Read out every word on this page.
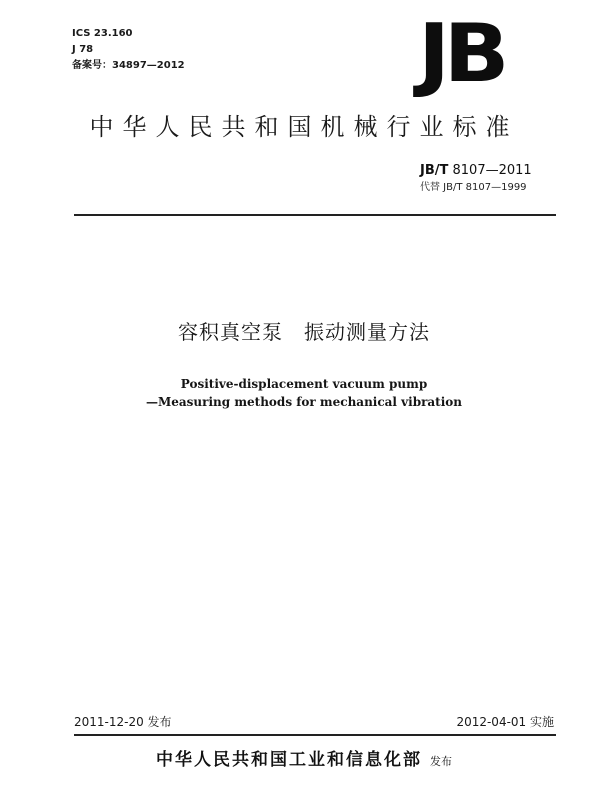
ICS 23.160
J 78
备案号：34897—2012	JB
中华人民共和国机械行业标准
JB/T 8107—2011
代替 JB/T 8107—1999
容积真空泵　振动测量方法
Positive-displacement vacuum pump
—Measuring methods for mechanical vibration
2011-12-20 发布	2012-04-01 实施
中华人民共和国工业和信息化部 发布
